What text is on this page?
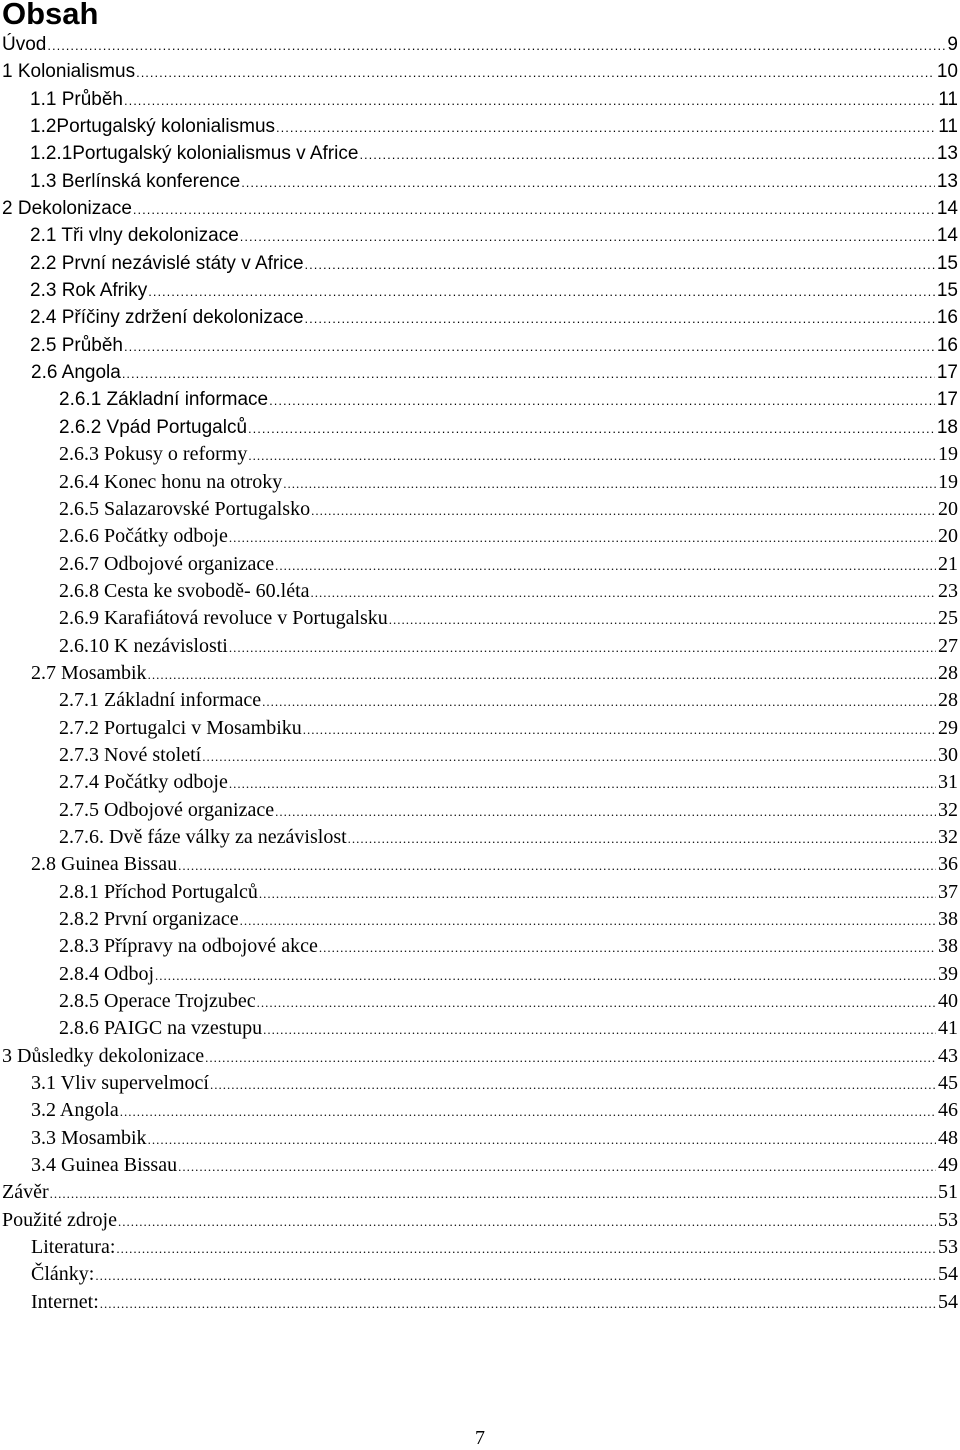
Obsah
Úvod .....	9
1 Kolonialismus .....	10
1.1 Průběh .....	11
1.2Portugalský kolonialismus .....	11
1.2.1Portugalský kolonialismus v Africe .....	13
1.3 Berlínská konference .....	13
2 Dekolonizace .....	14
2.1 Tři vlny dekolonizace .....	14
2.2 První nezávislé státy v Africe .....	15
2.3 Rok Afriky .....	15
2.4 Příčiny zdržení dekolonizace .....	16
2.5 Průběh .....	16
2.6 Angola .....	17
2.6.1 Základní informace .....	17
2.6.2 Vpád Portugalců .....	18
2.6.3 Pokusy o reformy .....	19
2.6.4 Konec honu na otroky .....	19
2.6.5 Salazarovské Portugalsko .....	20
2.6.6 Počátky odboje .....	20
2.6.7 Odbojové organizace .....	21
2.6.8 Cesta ke svobodě- 60.léta .....	23
2.6.9 Karafiátová revoluce v Portugalsku .....	25
2.6.10 K nezávislosti .....	27
2.7 Mosambik .....	28
2.7.1 Základní informace .....	28
2.7.2 Portugalci v Mosambiku .....	29
2.7.3 Nové století .....	30
2.7.4 Počátky odboje .....	31
2.7.5 Odbojové organizace .....	32
2.7.6. Dvě fáze války za nezávislost .....	32
2.8 Guinea Bissau .....	36
2.8.1 Příchod Portugalců .....	37
2.8.2 První organizace .....	38
2.8.3 Přípravy na odbojové akce .....	38
2.8.4 Odboj .....	39
2.8.5 Operace Trojzubec .....	40
2.8.6 PAIGC na vzestupu .....	41
3 Důsledky dekolonizace .....	43
3.1 Vliv supervelmocí .....	45
3.2 Angola .....	46
3.3 Mosambik .....	48
3.4 Guinea Bissau .....	49
Závěr .....	51
Použité zdroje .....	53
Literatura: .....	53
Články: .....	54
Internet: .....	54
7
